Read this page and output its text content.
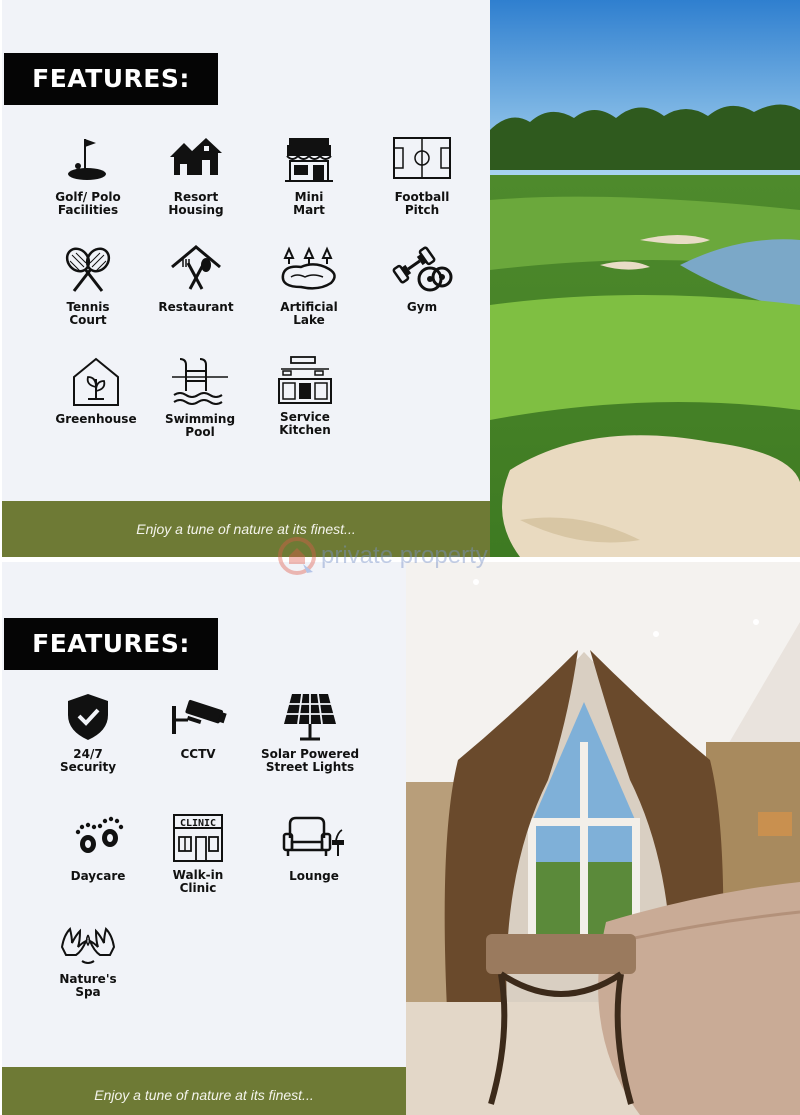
FEATURES:
Golf/ Polo
Facilities
Resort
Housing
Mini
Mart
Football
Pitch
Tennis
Court
Restaurant	Artificial
Lake
Gym
Greenhouse	Swimming
Pool
Service
Kitchen
Enjoy a tune of nature at its finest...
FEATURES:
24/7
Security
CCTV	Solar Powered
Street Lights
Daycare
CLINIC
Walk-in
Clinic
Lounge
Nature's
Spa
Enjoy a tune of nature at its finest...
private property
